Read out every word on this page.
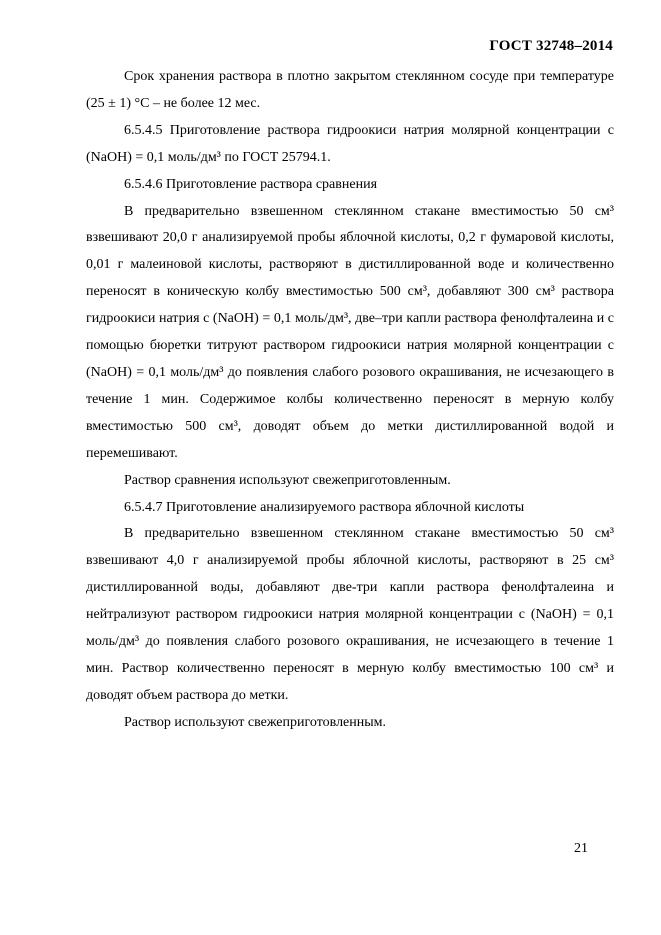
ГОСТ 32748–2014

Срок хранения раствора в плотно закрытом стеклянном сосуде при температуре (25 ± 1) °С – не более 12 мес.

6.5.4.5 Приготовление раствора гидроокиси натрия молярной концентрации с (NaOH) = 0,1 моль/дм³ по ГОСТ 25794.1.

6.5.4.6 Приготовление раствора сравнения

В предварительно взвешенном стеклянном стакане вместимостью 50 см³ взвешивают 20,0 г анализируемой пробы яблочной кислоты, 0,2 г фумаровой кислоты, 0,01 г малеиновой кислоты, растворяют в дистиллированной воде и количественно переносят в коническую колбу вместимостью 500 см³, добавляют 300 см³ раствора гидроокиси натрия с (NaOH) = 0,1 моль/дм³, две–три капли раствора фенолфталеина и с помощью бюретки титруют раствором гидроокиси натрия молярной концентрации с (NaOH) = 0,1 моль/дм³ до появления слабого розового окрашивания, не исчезающего в течение 1 мин. Содержимое колбы количественно переносят в мерную колбу вместимостью 500 см³, доводят объем до метки дистиллированной водой и перемешивают.

Раствор сравнения используют свежеприготовленным.

6.5.4.7 Приготовление анализируемого раствора яблочной кислоты

В предварительно взвешенном стеклянном стакане вместимостью 50 см³ взвешивают 4,0 г анализируемой пробы яблочной кислоты, растворяют в 25 см³ дистиллированной воды, добавляют две-три капли раствора фенолфталеина и нейтрализуют раствором гидроокиси натрия молярной концентрации с (NaOH) = 0,1 моль/дм³ до появления слабого розового окрашивания, не исчезающего в течение 1 мин. Раствор количественно переносят в мерную колбу вместимостью 100 см³ и доводят объем раствора до метки.

Раствор используют свежеприготовленным.

21
